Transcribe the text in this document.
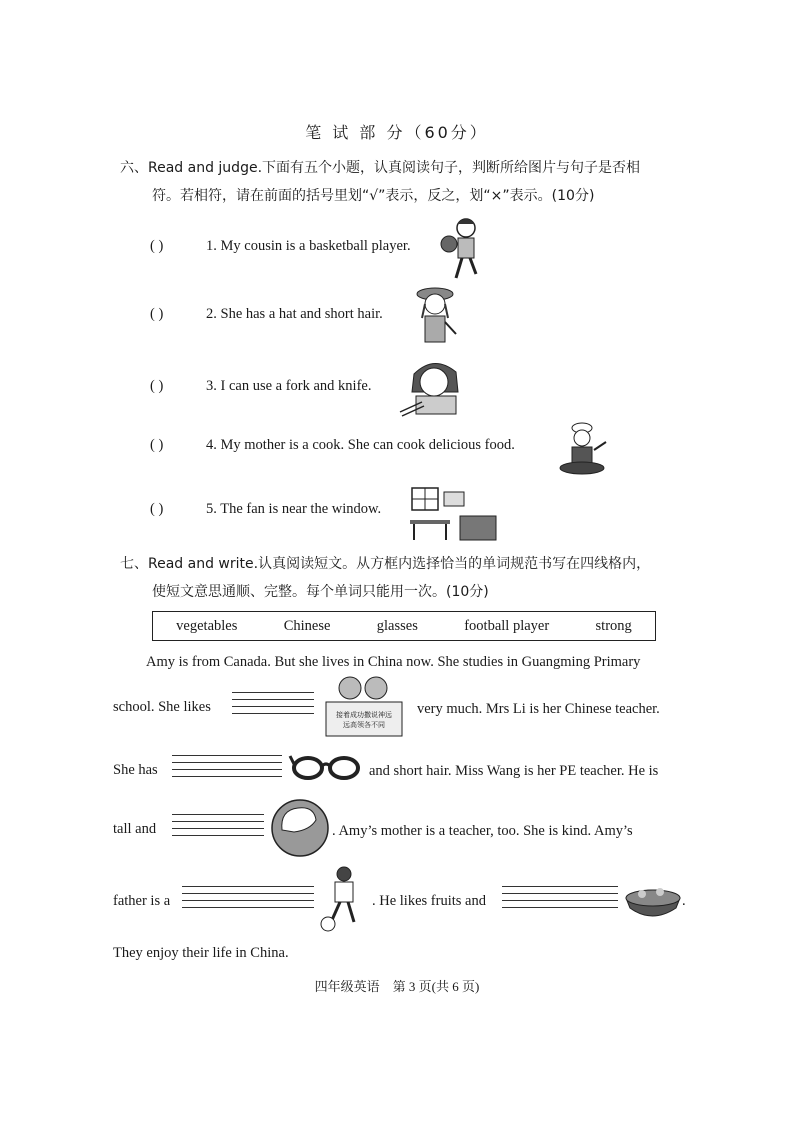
笔 试 部 分（60分）
六、Read and judge.下面有五个小题，认真阅读句子，判断所给图片与句子是否相
符。若相符，请在前面的括号里划“√”表示，反之，划“×”表示。(10分)
( )	1. My cousin is a basketball player.
( )	2. She has a hat and short hair.
( )	3. I can use a fork and knife.
( )	4. My mother is a cook. She can cook delicious food.
( )	5. The fan is near the window.
七、Read and write.认真阅读短文。从方框内选择恰当的单词规范书写在四线格内，
使短文意思通顺、完整。每个单词只能用一次。(10分)
vegetables	Chinese	glasses	football player	strong
Amy is from Canada. But she lives in China now. She studies in Guangming Primary
school. She likes	接着成功撒说神远远高领各不同
very much. Mrs Li is her Chinese teacher.
She has	and short hair. Miss Wang is her PE teacher. He is
tall and	. Amy’s mother is a teacher, too. She is kind. Amy’s
father is a	. He likes fruits and	.
They enjoy their life in China.
四年级英语　第 3 页(共 6 页)
